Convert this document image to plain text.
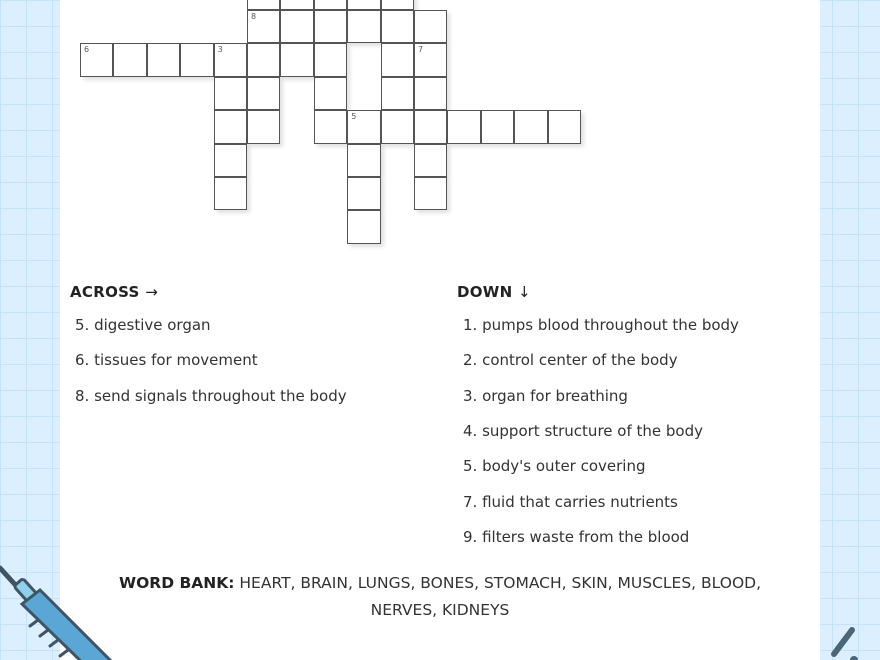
8
6	3	7
5
ACROSS →	DOWN ↓
5. digestive organ
6. tissues for movement
8. send signals throughout the body
1. pumps blood throughout the body
2. control center of the body
3. organ for breathing
4. support structure of the body
5. body's outer covering
7. fluid that carries nutrients
9. filters waste from the blood
WORD BANK: HEART, BRAIN, LUNGS, BONES, STOMACH, SKIN, MUSCLES, BLOOD, NERVES, KIDNEYS
